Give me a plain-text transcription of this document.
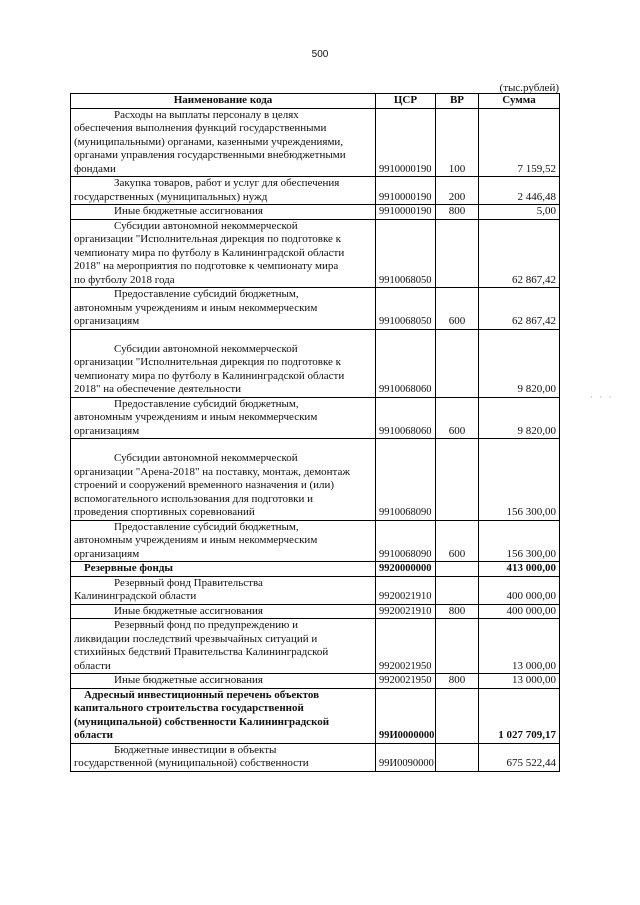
500
(тыс.рублей)
Наименование кода	ЦСР	ВР	Сумма

Расходы на выплаты персоналу в целях
обеспечения выполнения функций государственными
(муниципальными) органами, казенными учреждениями,
органами управления государственными внебюджетными
фондами	9910000190	100	7 159,52

Закупка товаров, работ и услуг для обеспечения
государственных (муниципальных) нужд	9910000190	200	2 446,48

Иные бюджетные ассигнования	9910000190	800	5,00

Субсидии автономной некоммерческой
организации "Исполнительная дирекция по подготовке к
чемпионату мира по футболу в Калининградской области
2018" на мероприятия по подготовке к чемпионату мира
по футболу 2018 года	9910068050		62 867,42

Предоставление субсидий бюджетным,
автономным учреждениям и иным некоммерческим
организациям	9910068050	600	62 867,42

Субсидии автономной некоммерческой
организации "Исполнительная дирекция по подготовке к
чемпионату мира по футболу в Калининградской области
2018" на обеспечение деятельности	9910068060		9 820,00

Предоставление субсидий бюджетным,
автономным учреждениям и иным некоммерческим
организациям	9910068060	600	9 820,00

Субсидии автономной некоммерческой
организации "Арена-2018" на поставку, монтаж, демонтаж
строений и сооружений временного назначения и (или)
вспомогательного использования для подготовки и
проведения спортивных соревнований	9910068090		156 300,00

Предоставление субсидий бюджетным,
автономным учреждениям и иным некоммерческим
организациям	9910068090	600	156 300,00

Резервные фонды	9920000000		413 000,00

Резервный фонд Правительства
Калининградской области	9920021910		400 000,00

Иные бюджетные ассигнования	9920021910	800	400 000,00

Резервный фонд по предупреждению и
ликвидации последствий чрезвычайных ситуаций и
стихийных бедствий Правительства Калининградской
области	9920021950		13 000,00

Иные бюджетные ассигнования	9920021950	800	13 000,00

Адресный инвестиционный перечень объектов
капитального строительства государственной
(муниципальной) собственности Калининградской
области	99И0000000		1 027 709,17

Бюджетные инвестиции в объекты
государственной (муниципальной) собственности	99И0090000		675 522,44
· · ·
